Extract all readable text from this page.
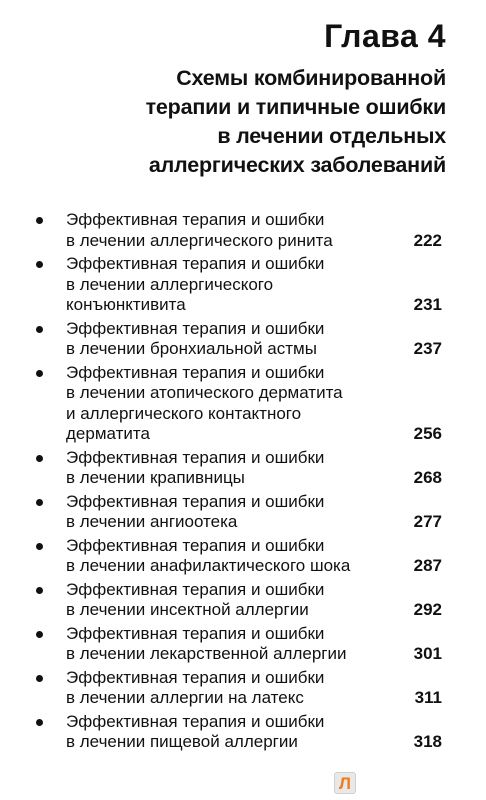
Глава 4
Схемы комбинированной
терапии и типичные ошибки
в лечении отдельных
аллергических заболеваний
Эффективная терапия и ошибки
в лечении аллергического ринита	222
Эффективная терапия и ошибки
в лечении аллергического
конъюнктивита	231
Эффективная терапия и ошибки
в лечении бронхиальной астмы	237
Эффективная терапия и ошибки
в лечении атопического дерматита
и аллергического контактного
дерматита	256
Эффективная терапия и ошибки
в лечении крапивницы	268
Эффективная терапия и ошибки
в лечении ангиоотека	277
Эффективная терапия и ошибки
в лечении анафилактического шока	287
Эффективная терапия и ошибки
в лечении инсектной аллергии	292
Эффективная терапия и ошибки
в лечении лекарственной аллергии	301
Эффективная терапия и ошибки
в лечении аллергии на латекс	311
Эффективная терапия и ошибки
в лечении пищевой аллергии	318
Л
